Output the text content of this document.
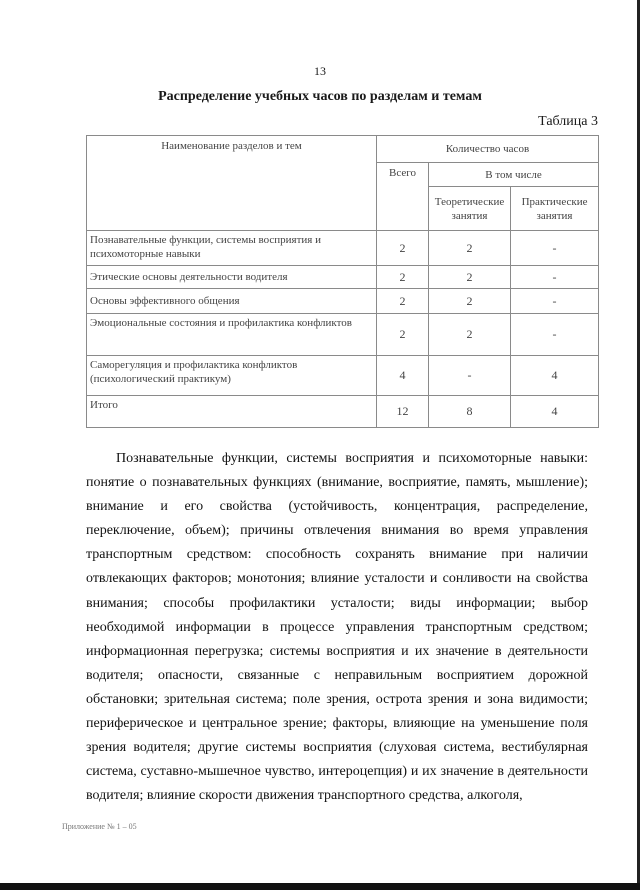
13
Распределение учебных часов по разделам и темам
Таблица 3
Наименование разделов и тем	Количество часов		
	Всего	В том числе	
		Теоретические занятия	Практические занятия
Познавательные функции, системы восприятия и психомоторные навыки	2	2	-
Этические основы деятельности водителя	2	2	-
Основы эффективного общения	2	2	-
Эмоциональные состояния и профилактика конфликтов	2	2	-
Саморегуляция и профилактика конфликтов (психологический практикум)	4	-	4
Итого	12	8	4

Познавательные функции, системы восприятия и психомоторные навыки: понятие о познавательных функциях (внимание, восприятие, память, мышление); внимание и его свойства (устойчивость, концентрация, распределение, переключение, объем); причины отвлечения внимания во время управления транспортным средством: способность сохранять внимание при наличии отвлекающих факторов; монотония; влияние усталости и сонливости на свойства внимания; способы профилактики усталости; виды информации; выбор необходимой информации в процессе управления транспортным средством; информационная перегрузка; системы восприятия и их значение в деятельности водителя; опасности, связанные с неправильным восприятием дорожной обстановки; зрительная система; поле зрения, острота зрения и зона видимости; периферическое и центральное зрение; факторы, влияющие на уменьшение поля зрения водителя; другие системы восприятия (слуховая система, вестибулярная система, суставно-мышечное чувство, интероцепция) и их значение в деятельности водителя; влияние скорости движения транспортного средства, алкоголя,

Приложение № 1 – 05
